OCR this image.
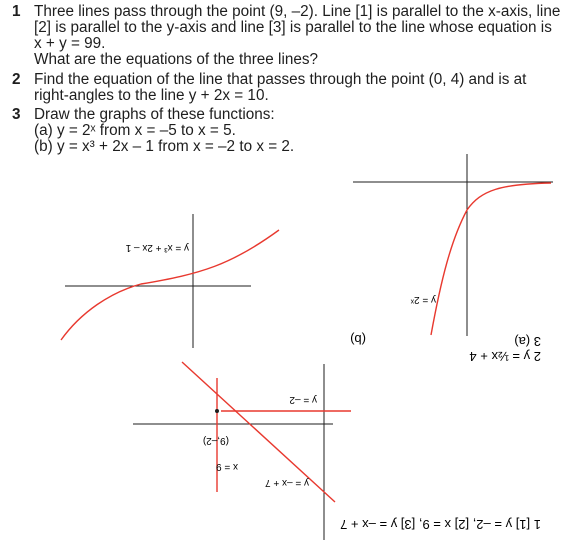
1 Three lines pass through the point (9, –2). Line [1] is parallel to the x-axis, line
[2] is parallel to the y-axis and line [3] is parallel to the line whose equation is
x + y = 99.
What are the equations of the three lines?
2 Find the equation of the line that passes through the point (0, 4) and is at
right-angles to the line y + 2x = 10.
3 Draw the graphs of these functions:
(a) y = 2ˣ from x = –5 to x = 5.
(b) y = x³ + 2x – 1 from x = –2 to x = 2.
1 [1] y = –2, [2] x = 9, [3] y = –x + 7
2 y = ½x + 4
3 (a)
y = –2
x = 9
y = –x + 7
(9,–2)
y = x³ + 2x – 1
y = 2ˣ
(b)
